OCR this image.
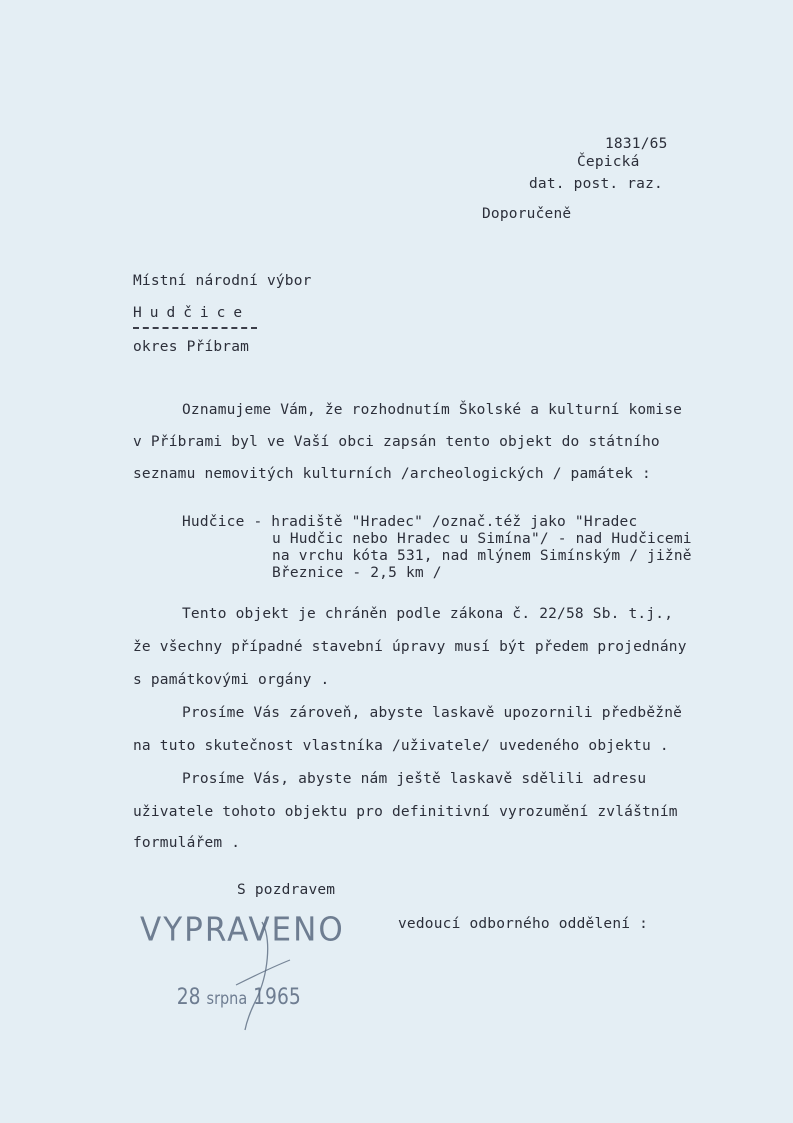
1831/65
Čepická
dat. post. raz.
Doporučeně
Místní národní výbor
Hudčice
okres Příbram
Oznamujeme Vám, že rozhodnutím Školské a kulturní komise
v Příbrami byl ve Vaší obci zapsán tento objekt do státního
seznamu nemovitých kulturních /archeologických / památek :
Hudčice - hradiště "Hradec" /označ.též jako "Hradec
u Hudčic nebo Hradec u Simína"/ - nad Hudčicemi
na vrchu kóta 531, nad mlýnem Simínským / jižně
Březnice - 2,5 km /
Tento objekt je chráněn podle zákona č. 22/58 Sb. t.j.,
že všechny případné stavební úpravy musí být předem projednány
s památkovými orgány .
Prosíme Vás zároveň, abyste laskavě upozornili předběžně
na tuto skutečnost vlastníka /uživatele/ uvedeného objektu .
Prosíme Vás, abyste nám ještě laskavě sdělili adresu
uživatele tohoto objektu pro definitivní vyrozumění zvláštním
formulářem .
S pozdravem
vedoucí odborného oddělení :
VYPRAVENO

28 srpna 1965
